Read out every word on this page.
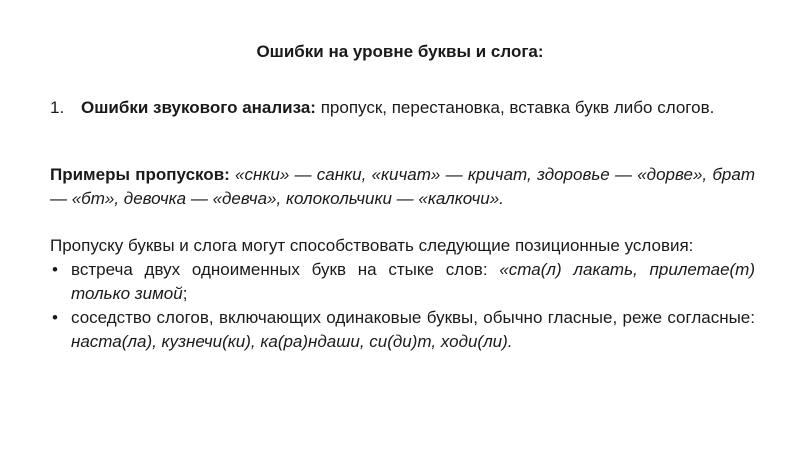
Ошибки на уровне буквы и слога:
1. Ошибки звукового анализа: пропуск, перестановка, вставка букв либо слогов.
Примеры пропусков: «снки» — санки, «кичат» — кричат, здоровье — «дорве», брат — «бт», девочка — «девча», колокольчики — «калкочи».
Пропуску буквы и слога могут способствовать следующие позиционные условия:
• встреча двух одноименных букв на стыке слов: «ста(л) лакать, прилетае(т) только зимой;
• соседство слогов, включающих одинаковые буквы, обычно гласные, реже согласные: наста(ла), кузнечи(ки), ка(ра)ндаши, си(ди)т, ходи(ли).
